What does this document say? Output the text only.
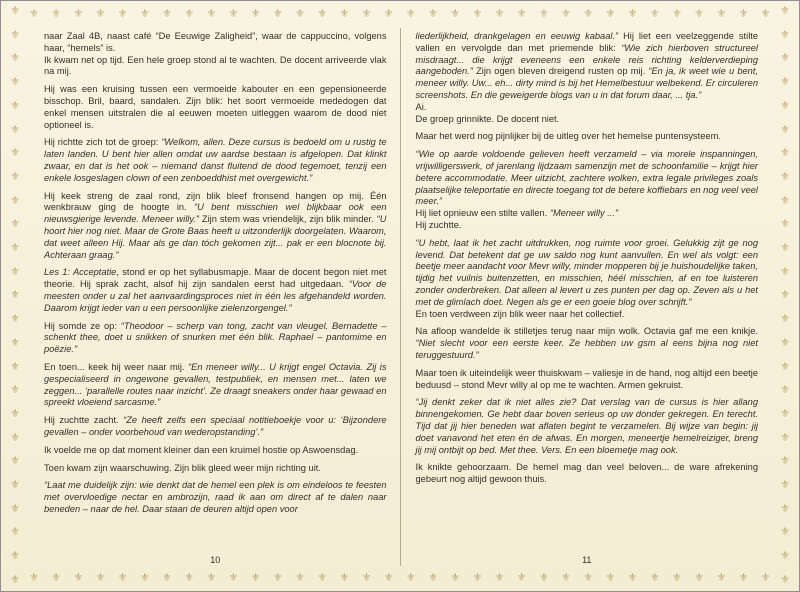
⚜ ⚜ ⚜ ⚜ ⚜ ⚜ ⚜ ⚜ ⚜ ⚜ ⚜ ⚜ ⚜ ⚜ ⚜ ⚜ ⚜ ⚜ ⚜ ⚜ ⚜ ⚜ ⚜ ⚜ ⚜ ⚜ ⚜ ⚜ ⚜ ⚜ ⚜ ⚜ ⚜ ⚜
⚜ ⚜ ⚜ ⚜ ⚜ ⚜ ⚜ ⚜ ⚜ ⚜ ⚜ ⚜ ⚜ ⚜ ⚜ ⚜ ⚜ ⚜ ⚜ ⚜ ⚜ ⚜ ⚜ ⚜ ⚜ ⚜ ⚜ ⚜ ⚜ ⚜ ⚜ ⚜ ⚜ ⚜
⚜
⚜
⚜
⚜
⚜
⚜
⚜
⚜
⚜
⚜
⚜
⚜
⚜
⚜
⚜
⚜
⚜
⚜
⚜
⚜
⚜
⚜
⚜
⚜
⚜
⚜
⚜
⚜
⚜
⚜
⚜
⚜
⚜
⚜
⚜
⚜
⚜
⚜
⚜
⚜
⚜
⚜
⚜
⚜
⚜
⚜
⚜
⚜
⚜
⚜

naar Zaal 4B, naast café “De Eeuwige Zaligheid”, waar de cappuccino, volgens haar, “hemels” is.

Ik kwam net op tijd. Een hele groep stond al te wachten. De docent arriveerde vlak na mij.

Hij was een kruising tussen een vermoeide kabouter en een gepensioneerde bisschop. Bril, baard, sandalen. Zijn blik: het soort vermoeide mededogen dat enkel mensen uitstralen die al eeuwen moeten uitleggen waarom de dood niet optioneel is.

Hij richtte zich tot de groep: “Welkom, allen. Deze cursus is bedoeld om u rustig te laten landen. U bent hier allen omdat uw aardse bestaan is afgelopen. Dat klinkt zwaar, en dat is het ook – niemand danst fluitend de dood tegemoet, tenzij een enkele losgeslagen clown of een zenboeddhist met overgewicht.”

Hij keek streng de zaal rond, zijn blik bleef fronsend hangen op mij. Één wenkbrauw ging de hoogte in. “U bent misschien wel blijkbaar ook een nieuwsgierige levende. Meneer willy.” Zijn stem was vriendelijk, zijn blik minder. “U hoort hier nog niet. Maar de Grote Baas heeft u uitzonderlijk doorgelaten. Waarom, dat weet alleen Hij. Maar als ge dan tóch gekomen zijt... pak er een blocnote bij. Achteraan graag.”

Les 1: Acceptatie, stond er op het syllabusmapje. Maar de docent begon niet met theorie. Hij sprak zacht, alsof hij zijn sandalen eerst had uitgedaan. “Voor de meesten onder u zal het aanvaardingsproces niet in één les afgehandeld worden. Daarom krijgt ieder van u een persoonlijke zielenzorgengel.”

Hij somde ze op: “Theodoor – scherp van tong, zacht van vleugel. Bernadette – schenkt thee, doet u snikken of snurken met één blik. Raphael – pantomime en poëzie.”

En toen... keek hij weer naar mij. “En meneer willy... U krijgt engel Octavia. Zij is gespecialiseerd in ongewone gevallen, testpubliek, en mensen met... laten we zeggen... ‘parallelle routes naar inzicht’. Ze draagt sneakers onder haar gewaad en spreekt vloeiend sarcasme.”

Hij zuchtte zacht. “Ze heeft zelfs een speciaal notitieboekje voor u: ‘Bijzondere gevallen – onder voorbehoud van wederopstanding’.”

Ik voelde me op dat moment kleiner dan een kruimel hostie op Aswoensdag.

Toen kwam zijn waarschuwing. Zijn blik gleed weer mijn richting uit.

“Laat me duidelijk zijn: wie denkt dat de hemel een plek is om eindeloos te feesten met overvloedige nectar en ambrozijn, raad ik aan om direct af te dalen naar beneden – naar de hel. Daar staan de deuren altijd open voor

10

liederlijkheid, drankgelagen en eeuwig kabaal.” Hij liet een veelzeggende stilte vallen en vervolgde dan met priemende blik: “Wie zich hierboven structureel misdraagt... die krijgt eveneens een enkele reis richting kelderverdieping aangeboden.” Zijn ogen bleven dreigend rusten op mij. “En ja, ik weet wie u bent, meneer willy. Uw... eh... dirty mind is bij het Hemelbestuur welbekend. Er circuleren screenshots. En die geweigerde blogs van u in dat forum daar, ... tja.”

Ai.

De groep grinnikte. De docent niet.

Maar het werd nog pijnlijker bij de uitleg over het hemelse puntensysteem.

“Wie op aarde voldoende gelieven heeft verzameld – via morele inspanningen, vrijwilligerswerk, of jarenlang lijdzaam samenzijn met de schoonfamilie – krijgt hier betere accommodatie. Meer uitzicht, zachtere wolken, extra legale privileges zoals plaatselijke teleportatie en directe toegang tot de betere koffiebars en nog veel veel meer.”

Hij liet opnieuw een stilte vallen. “Meneer willy ...”

Hij zuchtte.

“U hebt, laat ik het zacht uitdrukken, nog ruimte voor groei. Gelukkig zijt ge nog levend. Dat betekent dat ge uw saldo nog kunt aanvullen. En wel als volgt: een beetje meer aandacht voor Mevr willy, minder mopperen bij je huishoudelijke taken, tijdig het vuilnis buitenzetten, en misschien, héél misschien, af en toe luisteren zonder onderbreken. Dat alleen al levert u zes punten per dag op. Zeven als u het met de glimlach doet. Negen als ge er een goeie blog over schrijft.”

En toen verdween zijn blik weer naar het collectief.

Na afloop wandelde ik stilletjes terug naar mijn wolk. Octavia gaf me een knikje. “Niet slecht voor een eerste keer. Ze hebben uw gsm al eens bijna nog niet teruggestuurd.”

Maar toen ik uiteindelijk weer thuiskwam – valiesje in de hand, nog altijd een beetje beduusd – stond Mevr willy al op me te wachten. Armen gekruist.

“Jij denkt zeker dat ik niet alles zie? Dat verslag van de cursus is hier allang binnengekomen. Ge hebt daar boven serieus op uw donder gekregen. En terecht. Tijd dat jij hier beneden wat aflaten begint te verzamelen. Bij wijze van begin: jij doet vanavond het eten én de afwas. En morgen, meneertje hemelreiziger, breng jij mij ontbijt op bed. Met thee. Vers. En een bloemetje mag ook.

Ik knikte gehoorzaam. De hemel mag dan veel beloven... de ware afrekening gebeurt nog altijd gewoon thuis.

11
